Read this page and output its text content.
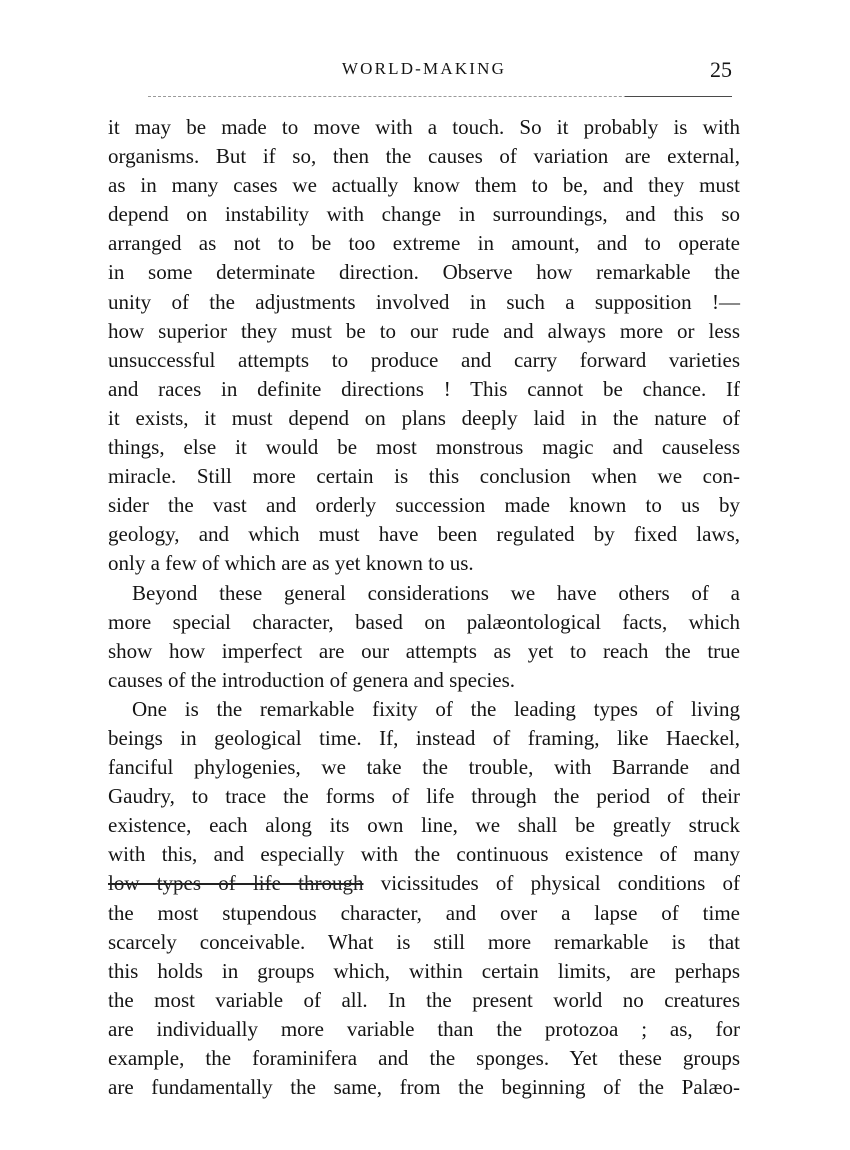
WORLD-MAKING	25
it may be made to move with a touch. So it probably is with
organisms. But if so, then the causes of variation are external,
as in many cases we actually know them to be, and they must
depend on instability with change in surroundings, and this so
arranged as not to be too extreme in amount, and to operate
in some determinate direction. Observe how remarkable the
unity of the adjustments involved in such a supposition !—
how superior they must be to our rude and always more or less
unsuccessful attempts to produce and carry forward varieties
and races in definite directions ! This cannot be chance. If
it exists, it must depend on plans deeply laid in the nature of
things, else it would be most monstrous magic and causeless
miracle. Still more certain is this conclusion when we con-
sider the vast and orderly succession made known to us by
geology, and which must have been regulated by fixed laws,
only a few of which are as yet known to us.
Beyond these general considerations we have others of a
more special character, based on palæontological facts, which
show how imperfect are our attempts as yet to reach the true
causes of the introduction of genera and species.
One is the remarkable fixity of the leading types of living
beings in geological time. If, instead of framing, like Haeckel,
fanciful phylogenies, we take the trouble, with Barrande and
Gaudry, to trace the forms of life through the period of their
existence, each along its own line, we shall be greatly struck
with this, and especially with the continuous existence of many
low types of life through vicissitudes of physical conditions of
the most stupendous character, and over a lapse of time
scarcely conceivable. What is still more remarkable is that
this holds in groups which, within certain limits, are perhaps
the most variable of all. In the present world no creatures
are individually more variable than the protozoa ; as, for
example, the foraminifera and the sponges. Yet these groups
are fundamentally the same, from the beginning of the Palæo-
